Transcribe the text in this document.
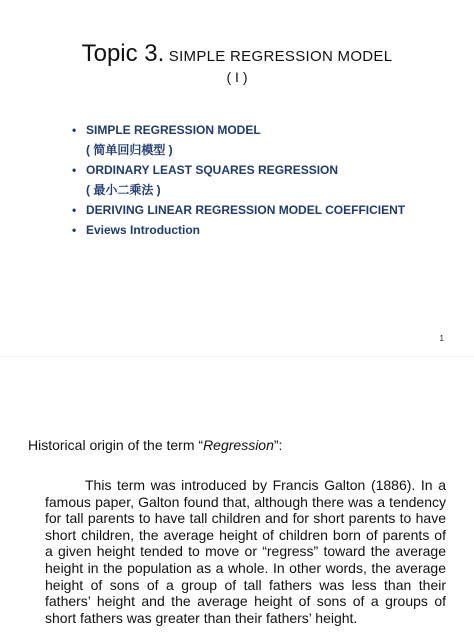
Topic 3. SIMPLE REGRESSION MODEL
( I )
• SIMPLE REGRESSION MODEL
( 简单回归模型 )
• ORDINARY LEAST SQUARES REGRESSION
( 最小二乘法 )
• DERIVING LINEAR REGRESSION MODEL COEFFICIENT
• Eviews Introduction
1
Historical origin of the term “Regression”:

This term was introduced by Francis Galton (1886). In a famous paper, Galton found that, although there was a tendency for tall parents to have tall children and for short parents to have short children, the average height of children born of parents of a given height tended to move or “regress” toward the average height in the population as a whole. In other words, the average height of sons of a group of tall fathers was less than their fathers’ height and the average height of sons of a groups of short fathers was greater than their fathers’ height.
